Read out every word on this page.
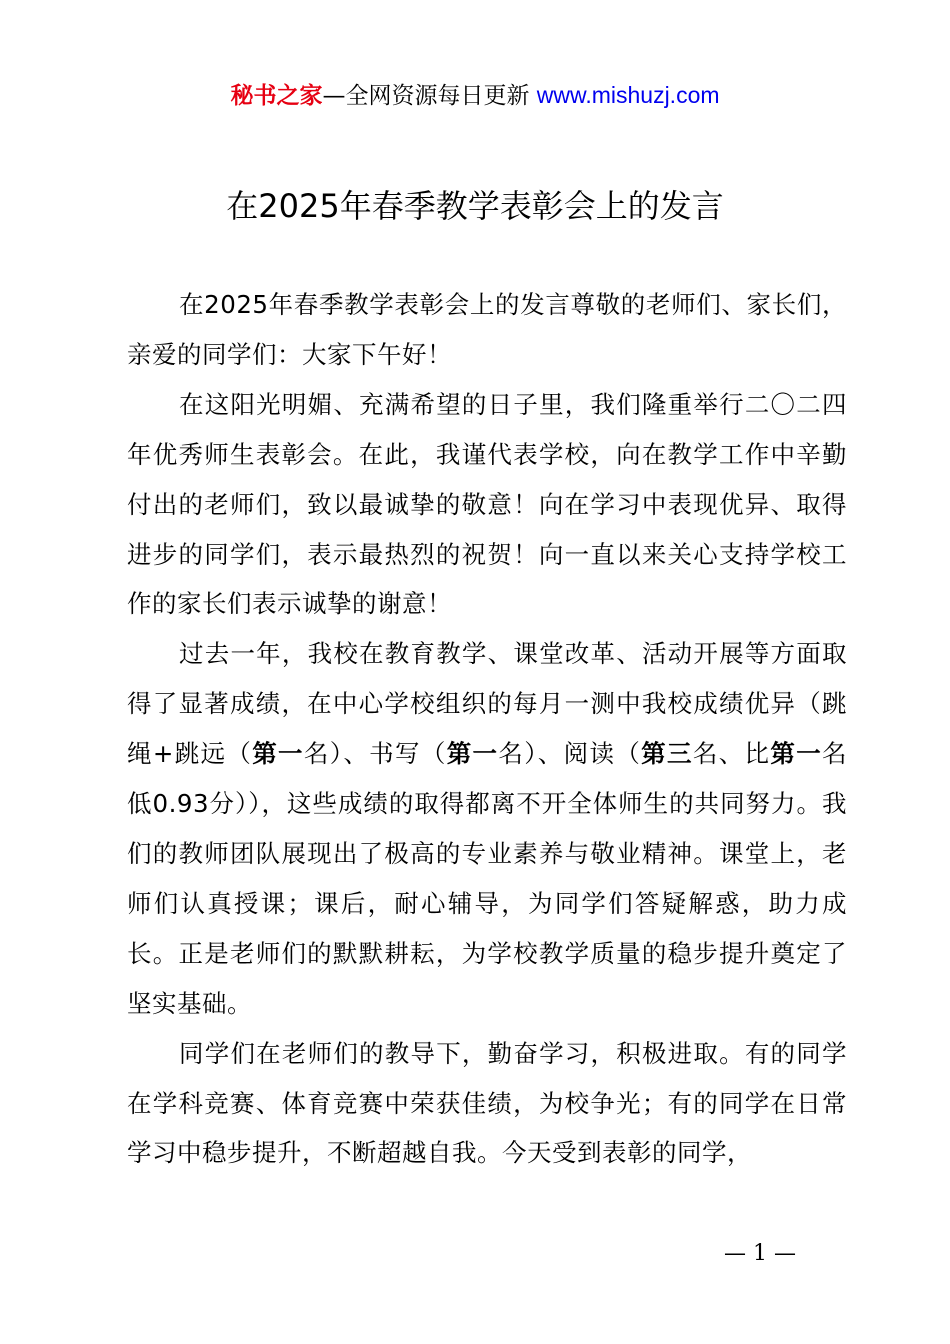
秘书之家—全网资源每日更新 www.mishuzj.com
在2025年春季教学表彰会上的发言

在2025年春季教学表彰会上的发言尊敬的老师们、家长们，亲爱的同学们：大家下午好！

在这阳光明媚、充满希望的日子里，我们隆重举行二〇二四年优秀师生表彰会。在此，我谨代表学校，向在教学工作中辛勤付出的老师们，致以最诚挚的敬意！向在学习中表现优异、取得进步的同学们，表示最热烈的祝贺！向一直以来关心支持学校工作的家长们表示诚挚的谢意！

过去一年，我校在教育教学、课堂改革、活动开展等方面取得了显著成绩，在中心学校组织的每月一测中我校成绩优异（跳绳+跳远（第一名）、书写（第一名）、阅读（第三名、比第一名低0.93分）），这些成绩的取得都离不开全体师生的共同努力。我们的教师团队展现出了极高的专业素养与敬业精神。课堂上，老师们认真授课；课后，耐心辅导，为同学们答疑解惑，助力成长。正是老师们的默默耕耘，为学校教学质量的稳步提升奠定了坚实基础。

同学们在老师们的教导下，勤奋学习，积极进取。有的同学在学科竞赛、体育竞赛中荣获佳绩，为校争光；有的同学在日常学习中稳步提升，不断超越自我。今天受到表彰的同学，

— 1 —
